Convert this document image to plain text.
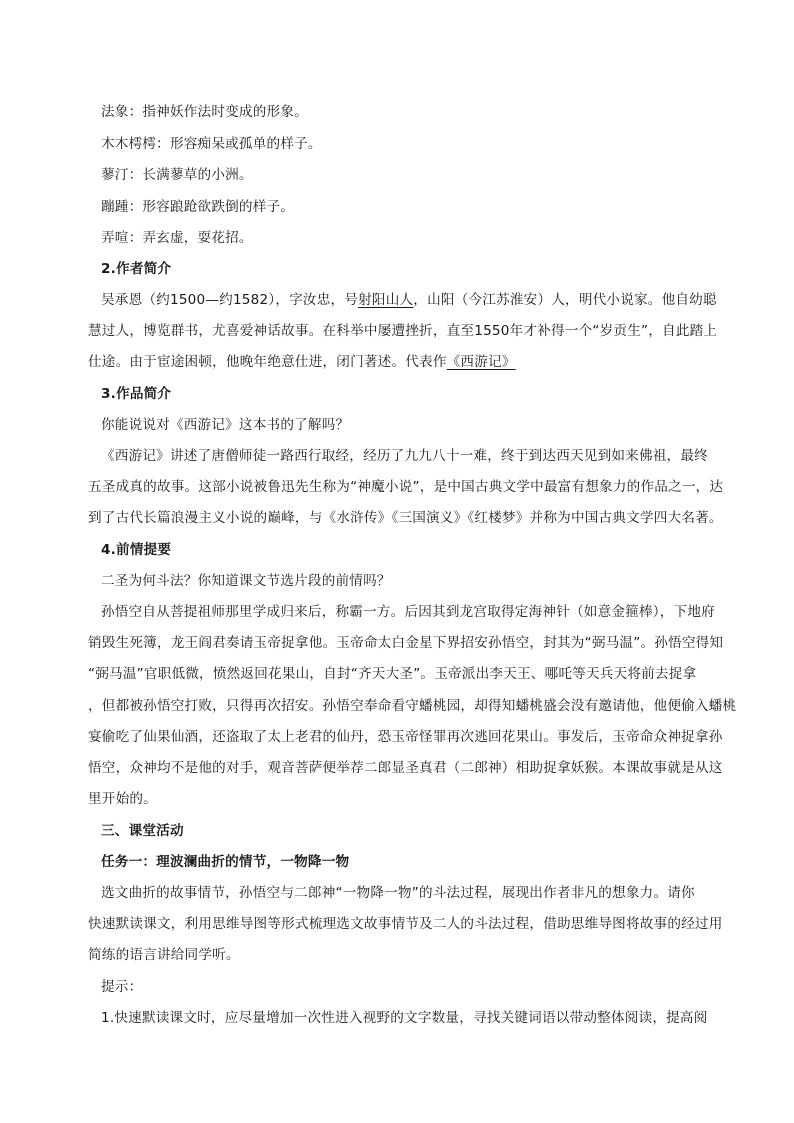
法象：指神妖作法时变成的形象。
木木樗樗：形容痴呆或孤单的样子。
蓼汀：长满蓼草的小洲。
蹦踵：形容踉跄欲跌倒的样子。
弄喧：弄玄虚，耍花招。
2.作者简介
吴承恩（约1500—约1582），字汝忠，号射阳山人，山阳（今江苏淮安）人，明代小说家。他自幼聪
慧过人，博览群书，尤喜爱神话故事。在科举中屡遭挫折，直至1550年才补得一个“岁贡生”，自此踏上
仕途。由于宦途困顿，他晚年绝意仕进，闭门著述。代表作《西游记》
3.作品简介
你能说说对《西游记》这本书的了解吗？
《西游记》讲述了唐僧师徒一路西行取经，经历了九九八十一难，终于到达西天见到如来佛祖，最终
五圣成真的故事。这部小说被鲁迅先生称为“神魔小说”，是中国古典文学中最富有想象力的作品之一，达
到了古代长篇浪漫主义小说的巅峰，与《水浒传》《三国演义》《红楼梦》并称为中国古典文学四大名著。
4.前情提要
二圣为何斗法？你知道课文节选片段的前情吗？
孙悟空自从菩提祖师那里学成归来后，称霸一方。后因其到龙宫取得定海神针（如意金箍棒），下地府
销毁生死簿，龙王阎君奏请玉帝捉拿他。玉帝命太白金星下界招安孙悟空，封其为“弼马温”。孙悟空得知
“弼马温”官职低微，愤然返回花果山，自封“齐天大圣”。玉帝派出李天王、哪吒等天兵天将前去捉拿
，但都被孙悟空打败，只得再次招安。孙悟空奉命看守蟠桃园，却得知蟠桃盛会没有邀请他，他便偷入蟠桃
宴偷吃了仙果仙酒，还盗取了太上老君的仙丹，恐玉帝怪罪再次逃回花果山。事发后，玉帝命众神捉拿孙
悟空，众神均不是他的对手，观音菩萨便举荐二郎显圣真君（二郎神）相助捉拿妖猴。本课故事就是从这
里开始的。
三、课堂活动
任务一：理波澜曲折的情节，一物降一物
选文曲折的故事情节，孙悟空与二郎神“一物降一物”的斗法过程，展现出作者非凡的想象力。请你
快速默读课文，利用思维导图等形式梳理选文故事情节及二人的斗法过程，借助思维导图将故事的经过用
简练的语言讲给同学听。
提示：
1.快速默读课文时，应尽量增加一次性进入视野的文字数量，寻找关键词语以带动整体阅读，提高阅
